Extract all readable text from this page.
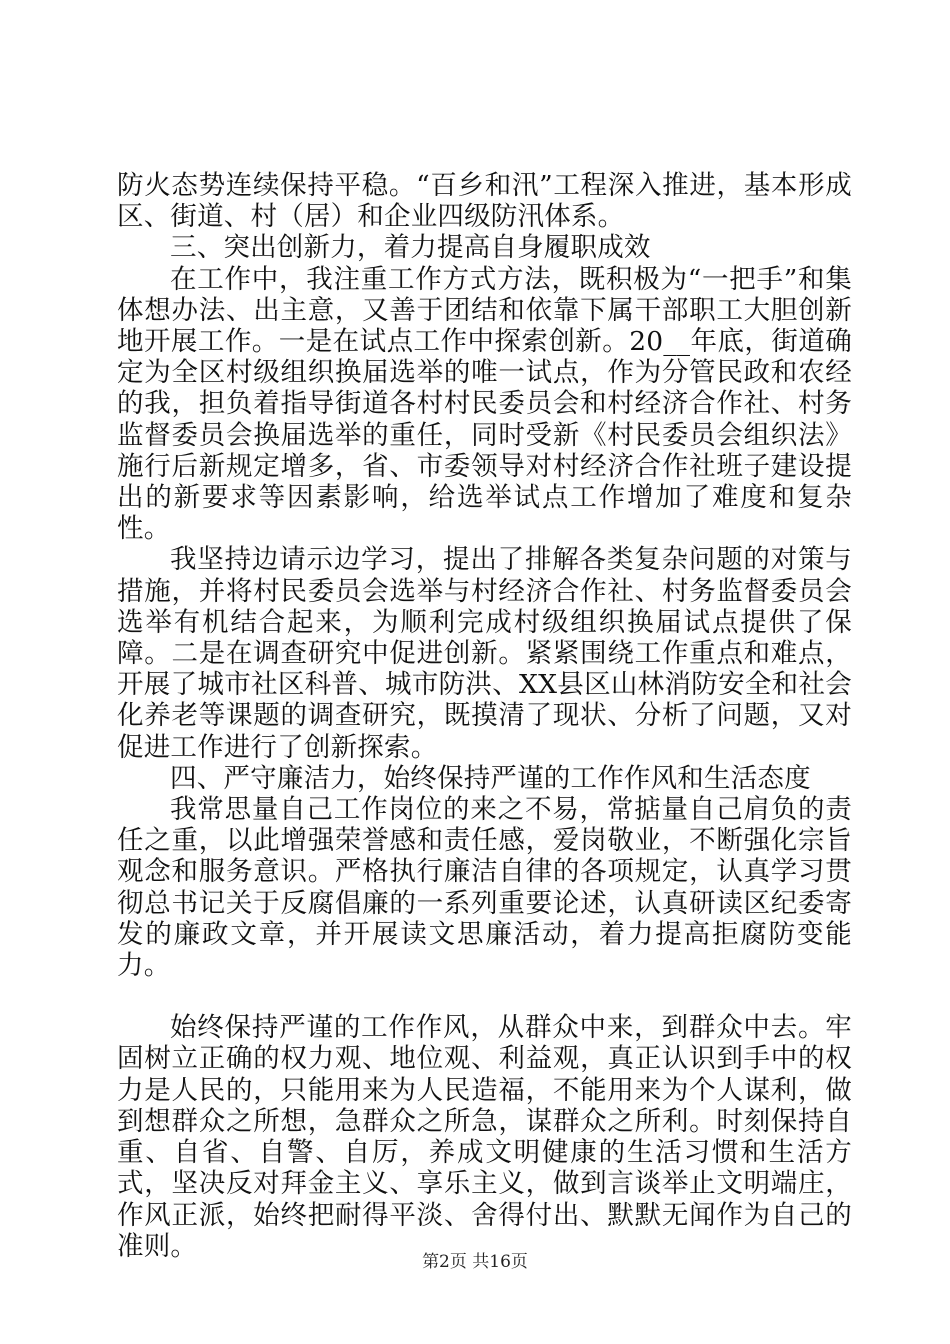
防火态势连续保持平稳。“百乡和汛”工程深入推进，基本形成区、街道、村（居）和企业四级防汛体系。

三、突出创新力，着力提高自身履职成效

在工作中，我注重工作方式方法，既积极为“一把手”和集体想办法、出主意，又善于团结和依靠下属干部职工大胆创新地开展工作。一是在试点工作中探索创新。20__年底，街道确定为全区村级组织换届选举的唯一试点，作为分管民政和农经的我，担负着指导街道各村村民委员会和村经济合作社、村务监督委员会换届选举的重任，同时受新《村民委员会组织法》施行后新规定增多，省、市委领导对村经济合作社班子建设提出的新要求等因素影响，给选举试点工作增加了难度和复杂性。

我坚持边请示边学习，提出了排解各类复杂问题的对策与措施，并将村民委员会选举与村经济合作社、村务监督委员会选举有机结合起来，为顺利完成村级组织换届试点提供了保障。二是在调查研究中促进创新。紧紧围绕工作重点和难点，开展了城市社区科普、城市防洪、XX县区山林消防安全和社会化养老等课题的调查研究，既摸清了现状、分析了问题，又对促进工作进行了创新探索。

四、严守廉洁力，始终保持严谨的工作作风和生活态度

我常思量自己工作岗位的来之不易，常掂量自己肩负的责任之重，以此增强荣誉感和责任感，爱岗敬业，不断强化宗旨观念和服务意识。严格执行廉洁自律的各项规定，认真学习贯彻总书记关于反腐倡廉的一系列重要论述，认真研读区纪委寄发的廉政文章，并开展读文思廉活动，着力提高拒腐防变能力。

始终保持严谨的工作作风，从群众中来，到群众中去。牢固树立正确的权力观、地位观、利益观，真正认识到手中的权力是人民的，只能用来为人民造福，不能用来为个人谋利，做到想群众之所想，急群众之所急，谋群众之所利。时刻保持自重、自省、自警、自厉，养成文明健康的生活习惯和生活方式，坚决反对拜金主义、享乐主义，做到言谈举止文明端庄，作风正派，始终把耐得平淡、舍得付出、默默无闻作为自己的准则。

第2页 共16页
